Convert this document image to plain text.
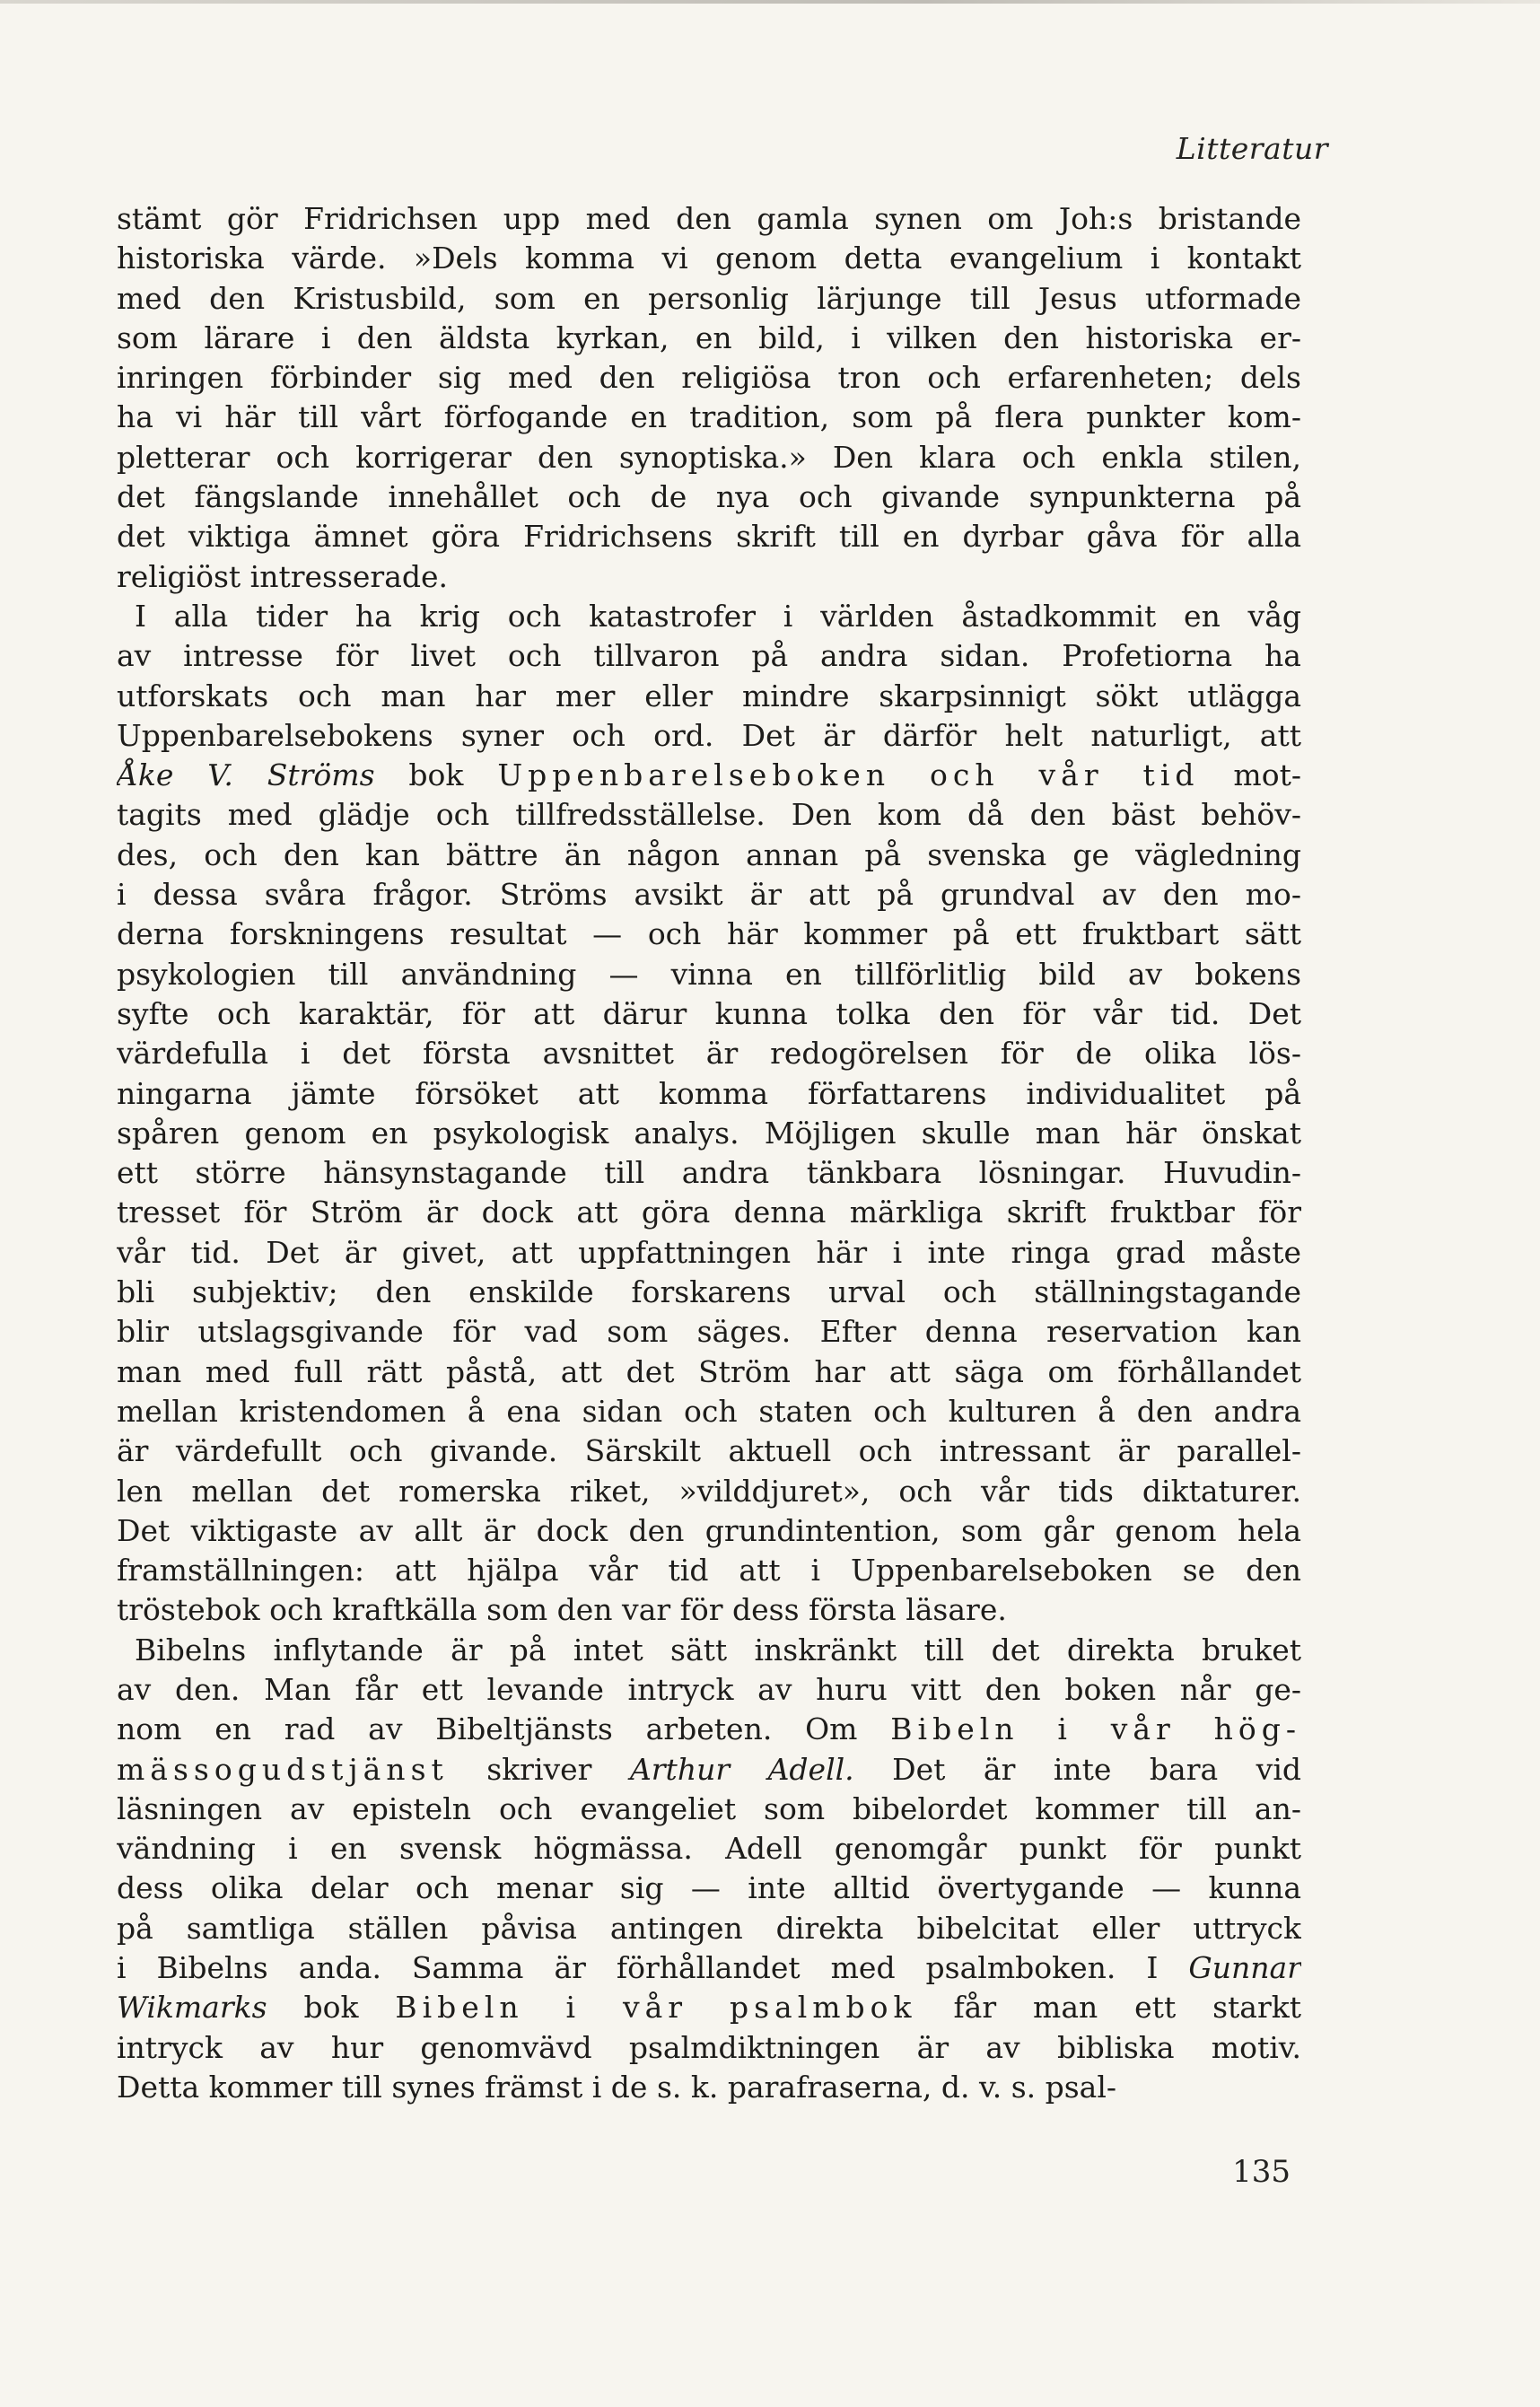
Litteratur
stämt gör Fridrichsen upp med den gamla synen om Joh:s bristande
historiska värde. »Dels komma vi genom detta evangelium i kontakt
med den Kristusbild, som en personlig lärjunge till Jesus utformade
som lärare i den äldsta kyrkan, en bild, i vilken den historiska er-
inringen förbinder sig med den religiösa tron och erfarenheten; dels
ha vi här till vårt förfogande en tradition, som på flera punkter kom-
pletterar och korrigerar den synoptiska.» Den klara och enkla stilen,
det fängslande innehållet och de nya och givande synpunkterna på
det viktiga ämnet göra Fridrichsens skrift till en dyrbar gåva för alla
religiöst intresserade.
I alla tider ha krig och katastrofer i världen åstadkommit en våg
av intresse för livet och tillvaron på andra sidan. Profetiorna ha
utforskats och man har mer eller mindre skarpsinnigt sökt utlägga
Uppenbarelsebokens syner och ord. Det är därför helt naturligt, att
Åke V. Ströms bok Uppenbarelseboken och vår tid mot-
tagits med glädje och tillfredsställelse. Den kom då den bäst behöv-
des, och den kan bättre än någon annan på svenska ge vägledning
i dessa svåra frågor. Ströms avsikt är att på grundval av den mo-
derna forskningens resultat — och här kommer på ett fruktbart sätt
psykologien till användning — vinna en tillförlitlig bild av bokens
syfte och karaktär, för att därur kunna tolka den för vår tid. Det
värdefulla i det första avsnittet är redogörelsen för de olika lös-
ningarna jämte försöket att komma författarens individualitet på
spåren genom en psykologisk analys. Möjligen skulle man här önskat
ett större hänsynstagande till andra tänkbara lösningar. Huvudin-
tresset för Ström är dock att göra denna märkliga skrift fruktbar för
vår tid. Det är givet, att uppfattningen här i inte ringa grad måste
bli subjektiv; den enskilde forskarens urval och ställningstagande
blir utslagsgivande för vad som säges. Efter denna reservation kan
man med full rätt påstå, att det Ström har att säga om förhållandet
mellan kristendomen å ena sidan och staten och kulturen å den andra
är värdefullt och givande. Särskilt aktuell och intressant är parallel-
len mellan det romerska riket, »vilddjuret», och vår tids diktaturer.
Det viktigaste av allt är dock den grundintention, som går genom hela
framställningen: att hjälpa vår tid att i Uppenbarelseboken se den
tröstebok och kraftkälla som den var för dess första läsare.
Bibelns inflytande är på intet sätt inskränkt till det direkta bruket
av den. Man får ett levande intryck av huru vitt den boken når ge-
nom en rad av Bibeltjänsts arbeten. Om Bibeln i vår hög-
mässogudstjänst skriver Arthur Adell. Det är inte bara vid
läsningen av episteln och evangeliet som bibelordet kommer till an-
vändning i en svensk högmässa. Adell genomgår punkt för punkt
dess olika delar och menar sig — inte alltid övertygande — kunna
på samtliga ställen påvisa antingen direkta bibelcitat eller uttryck
i Bibelns anda. Samma är förhållandet med psalmboken. I Gunnar
Wikmarks bok Bibeln i vår psalmbok får man ett starkt
intryck av hur genomvävd psalmdiktningen är av bibliska motiv.
Detta kommer till synes främst i de s. k. parafraserna, d. v. s. psal-
135
